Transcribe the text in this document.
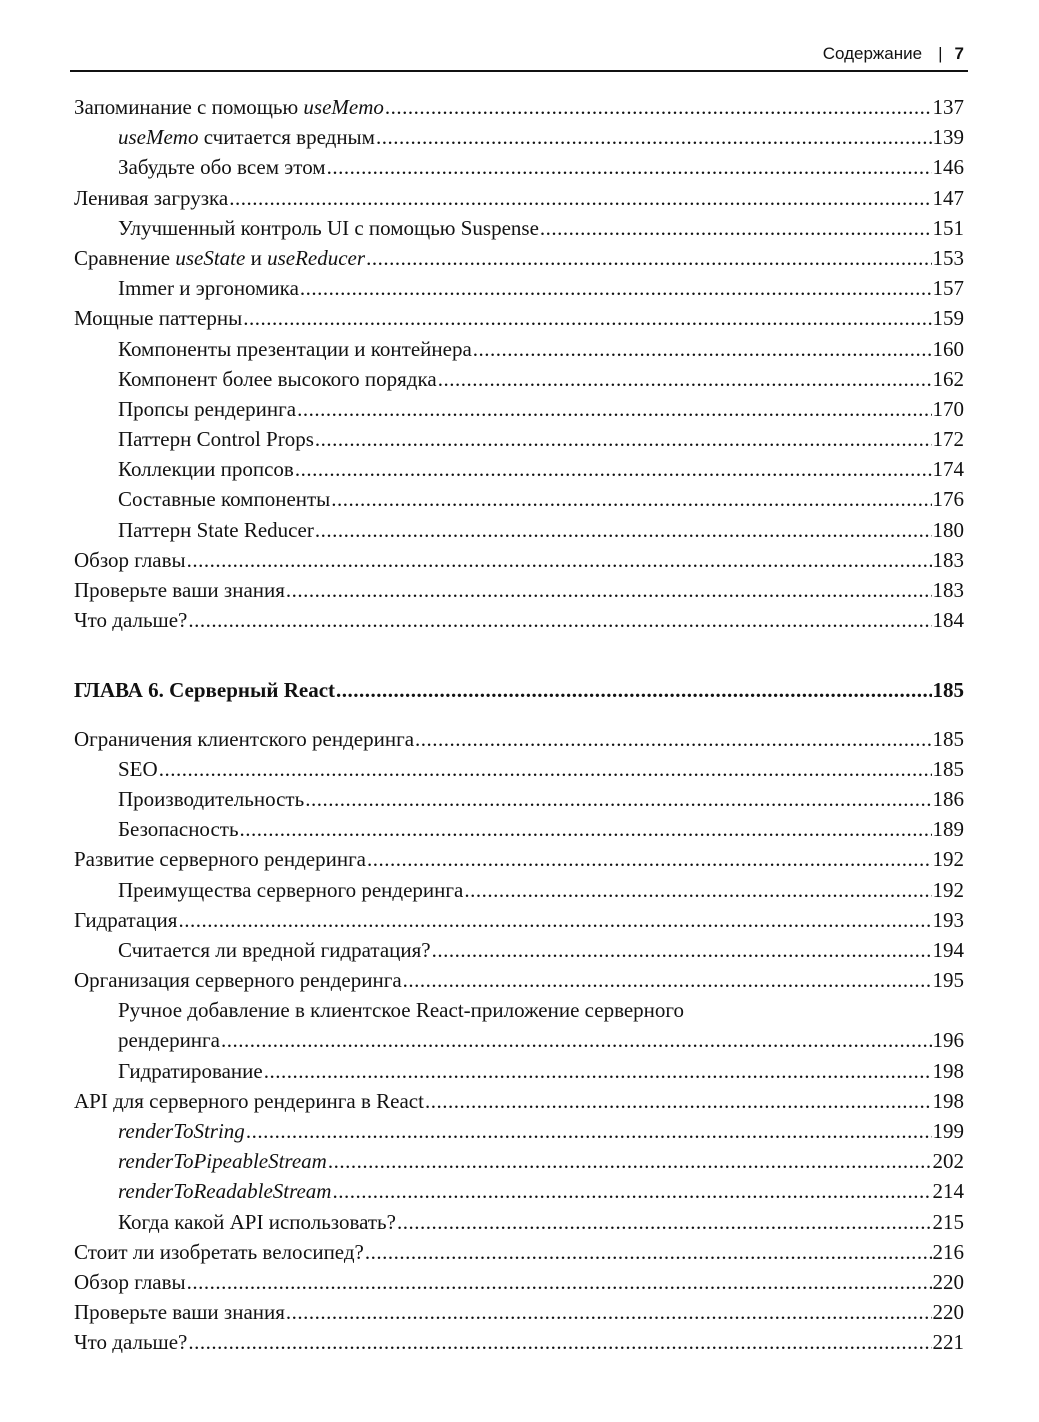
Содержание | 7
Запоминание с помощью useMemo .....	137
useMemo считается вредным .....	139
Забудьте обо всем этом .....	146
Ленивая загрузка .....	147
Улучшенный контроль UI с помощью Suspense .....	151
Сравнение useState и useReducer .....	153
Immer и эргономика .....	157
Мощные паттерны .....	159
Компоненты презентации и контейнера .....	160
Компонент более высокого порядка .....	162
Пропсы рендеринга .....	170
Паттерн Control Props .....	172
Коллекции пропсов .....	174
Составные компоненты .....	176
Паттерн State Reducer .....	180
Обзор главы .....	183
Проверьте ваши знания .....	183
Что дальше? .....	184
ГЛАВА 6. Серверный React .....	185
Ограничения клиентского рендеринга .....	185
SEO .....	185
Производительность .....	186
Безопасность .....	189
Развитие серверного рендеринга .....	192
Преимущества серверного рендеринга .....	192
Гидратация .....	193
Считается ли вредной гидратация? .....	194
Организация серверного рендеринга .....	195
Ручное добавление в клиентское React-приложение серверного
рендеринга .....	196
Гидратирование .....	198
API для серверного рендеринга в React .....	198
renderToString .....	199
renderToPipeableStream .....	202
renderToReadableStream .....	214
Когда какой API использовать? .....	215
Стоит ли изобретать велосипед? .....	216
Обзор главы .....	220
Проверьте ваши знания .....	220
Что дальше? .....	221
